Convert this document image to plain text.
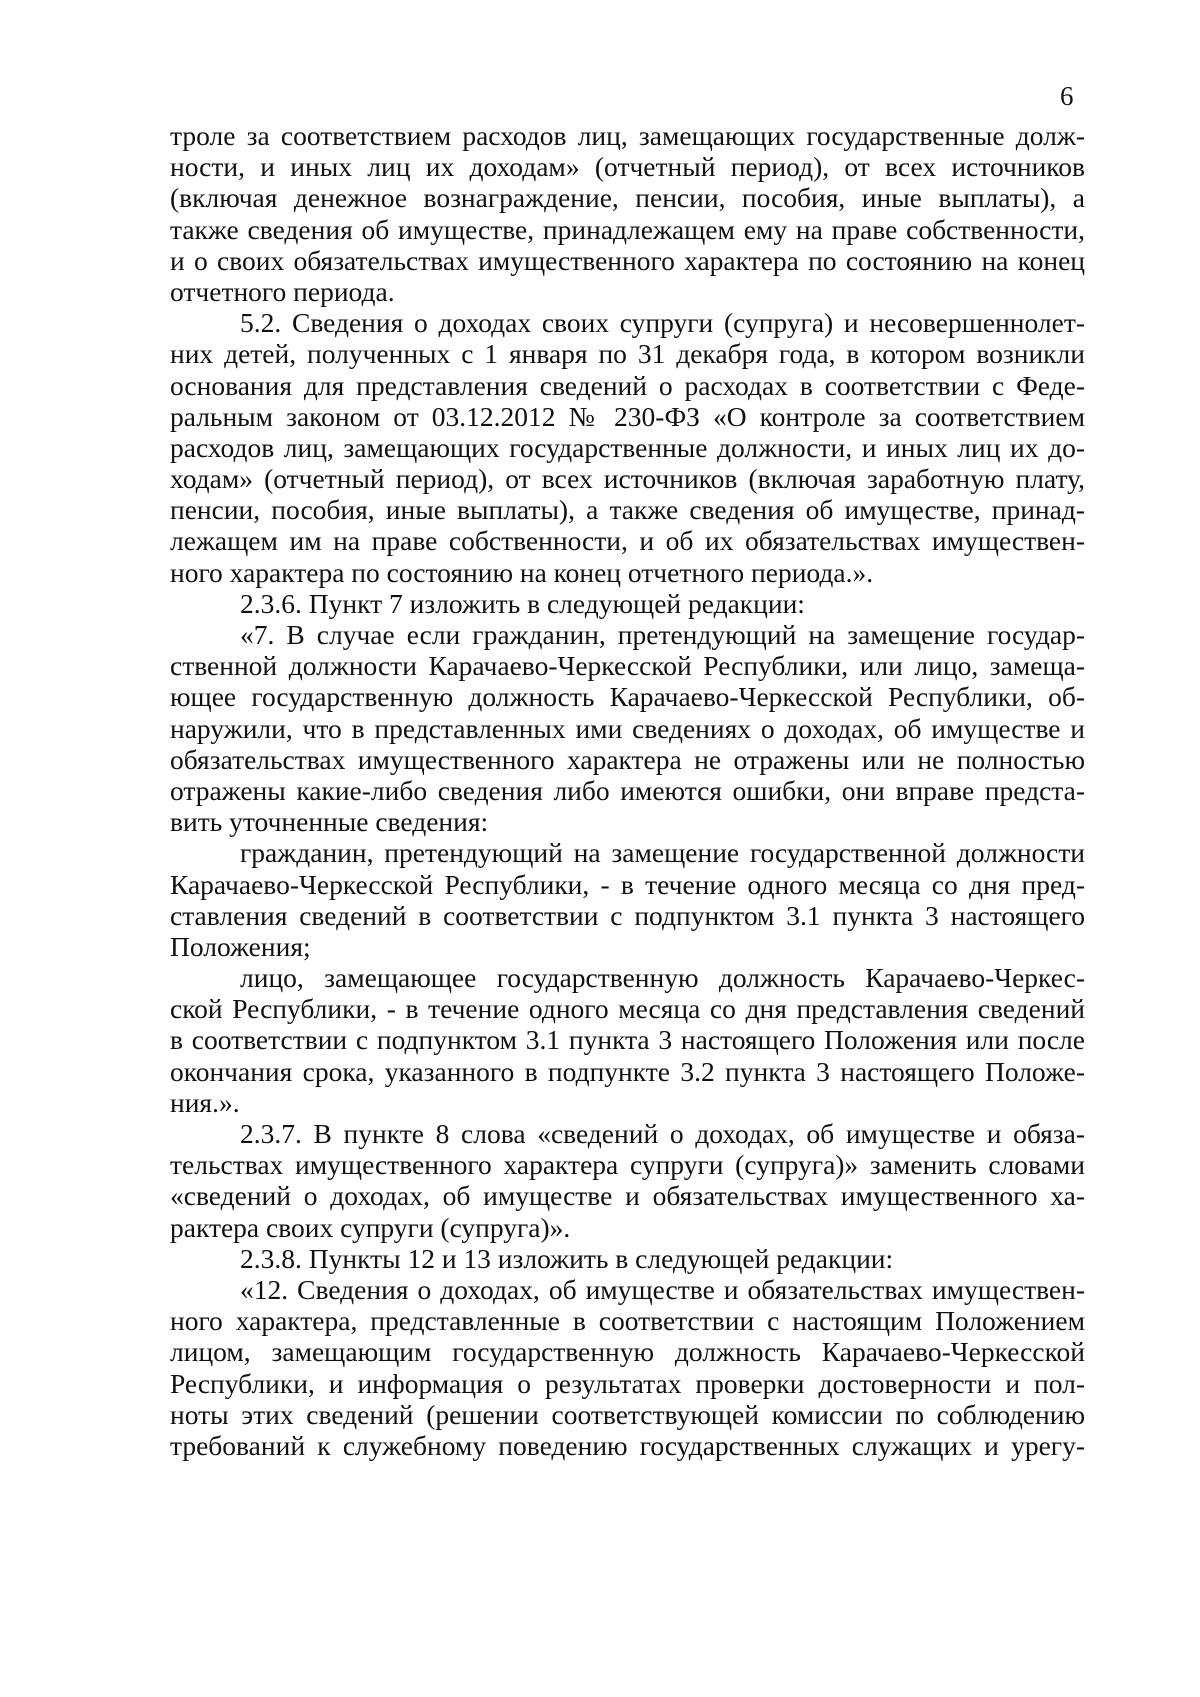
6
троле за соответствием расходов лиц, замещающих государственные долж-
ности, и иных лиц их доходам» (отчетный период), от всех источников
(включая денежное вознаграждение, пенсии, пособия, иные выплаты), а
также сведения об имуществе, принадлежащем ему на праве собственности,
и о своих обязательствах имущественного характера по состоянию на конец
отчетного периода.
5.2. Сведения о доходах своих супруги (супруга) и несовершеннолет-
них детей, полученных с 1 января по 31 декабря года, в котором возникли
основания для представления сведений о расходах в соответствии с Феде-
ральным законом от 03.12.2012 № 230-ФЗ «О контроле за соответствием
расходов лиц, замещающих государственные должности, и иных лиц их до-
ходам» (отчетный период), от всех источников (включая заработную плату,
пенсии, пособия, иные выплаты), а также сведения об имуществе, принад-
лежащем им на праве собственности, и об их обязательствах имуществен-
ного характера по состоянию на конец отчетного периода.».
2.3.6. Пункт 7 изложить в следующей редакции:
«7. В случае если гражданин, претендующий на замещение государ-
ственной должности Карачаево-Черкесской Республики, или лицо, замеща-
ющее государственную должность Карачаево-Черкесской Республики, об-
наружили, что в представленных ими сведениях о доходах, об имуществе и
обязательствах имущественного характера не отражены или не полностью
отражены какие-либо сведения либо имеются ошибки, они вправе предста-
вить уточненные сведения:
гражданин, претендующий на замещение государственной должности
Карачаево-Черкесской Республики, - в течение одного месяца со дня пред-
ставления сведений в соответствии с подпунктом 3.1 пункта 3 настоящего
Положения;
лицо, замещающее государственную должность Карачаево-Черкес-
ской Республики, - в течение одного месяца со дня представления сведений
в соответствии с подпунктом 3.1 пункта 3 настоящего Положения или после
окончания срока, указанного в подпункте 3.2 пункта 3 настоящего Положе-
ния.».
2.3.7. В пункте 8 слова «сведений о доходах, об имуществе и обяза-
тельствах имущественного характера супруги (супруга)» заменить словами
«сведений о доходах, об имуществе и обязательствах имущественного ха-
рактера своих супруги (супруга)».
2.3.8. Пункты 12 и 13 изложить в следующей редакции:
«12. Сведения о доходах, об имуществе и обязательствах имуществен-
ного характера, представленные в соответствии с настоящим Положением
лицом, замещающим государственную должность Карачаево-Черкесской
Республики, и информация о результатах проверки достоверности и пол-
ноты этих сведений (решении соответствующей комиссии по соблюдению
требований к служебному поведению государственных служащих и урегу-
